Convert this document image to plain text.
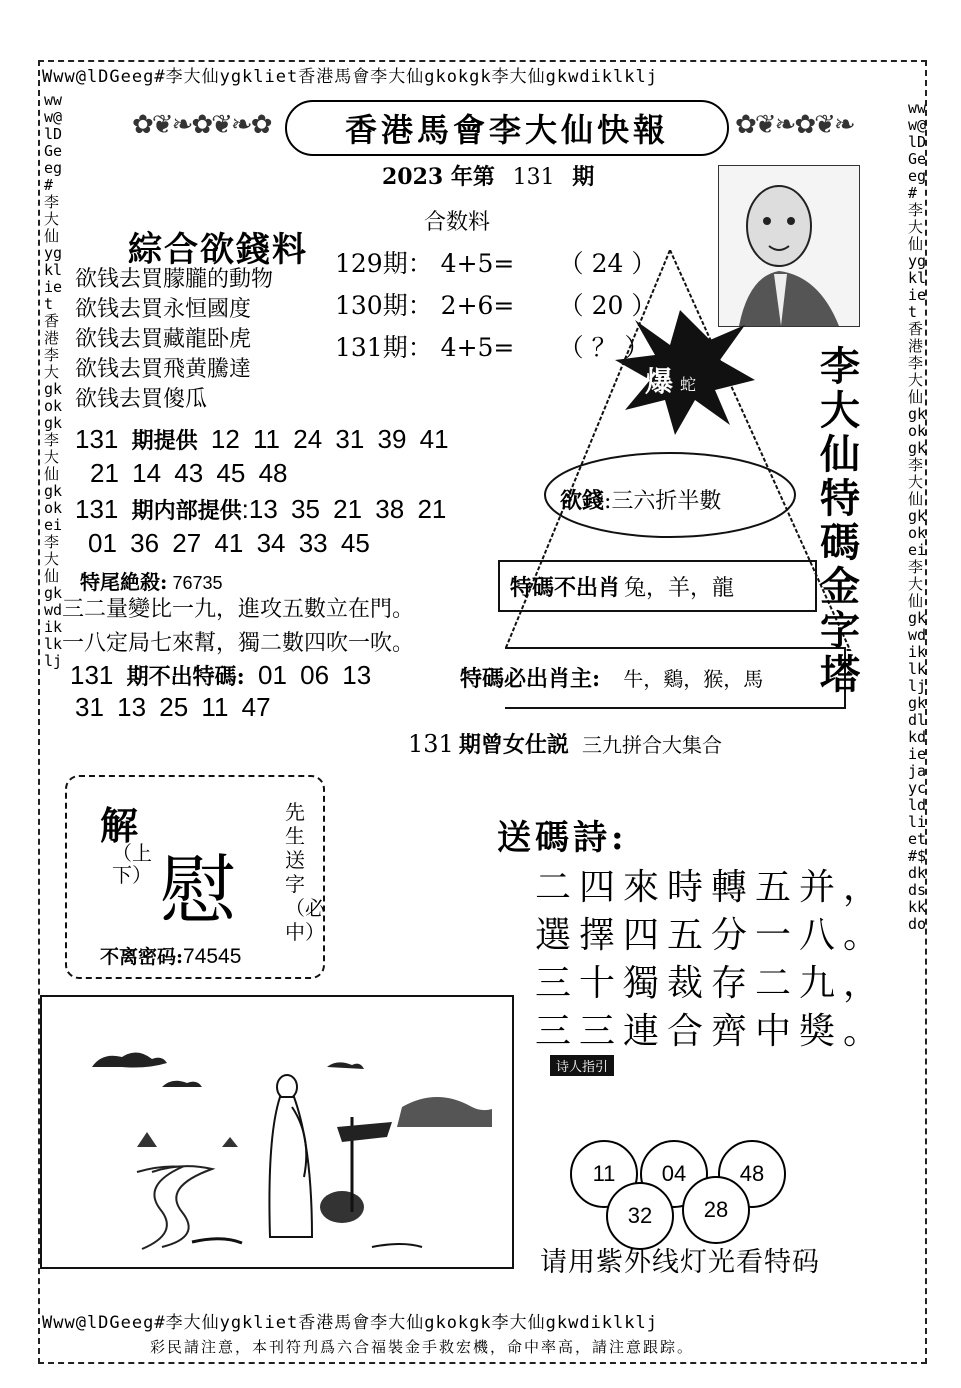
Www@lDGeeg#李大仙ygkliet香港馬會李大仙gkokgk李大仙gkwdiklklj
Www@lDGeeg#李大仙ygkliet香港馬會李大仙gkokgk李大仙gkwdiklklj
www@lD Geeg#李大仙 ygkliet 香港 李大 gkokgk 李大仙 gkokei 李大仙 gkwdiklklj
www@lD Geeg#李大仙 ygkliet 香港李大仙 gkokgk 李大仙 gkokei 李大仙 gkwdiklkljgkdlkdiejaycldliet#$ dkdskkdo
✿❦❧✿❦❧✿	✿❦❧✿❦❧
香港馬會李大仙快報
2023 年第 131 期
合数料
129期： 4+5= （ 24 ）
130期： 2+6= （ 20 ）
131期： 4+5= （ ？ ）
綜合欲錢料
欲钱去買朦朧的動物
欲钱去買永恒國度
欲钱去買藏龍卧虎
欲钱去買飛黄騰達
欲钱去買傻瓜
爆 蛇
欲錢:三六折半數
特碼不出肖 兔，羊，龍
特碼必出肖主: 牛，鷄，猴，馬
李大仙特碼金字塔
131 期提供 12 11 24 31 39 41
21 14 43 45 48
131 期内部提供:13 35 21 38 21
01 36 27 41 34 33 45
特尾絶殺: 76735
三二量變比一九，進攻五數立在門。
一八定局七來幫，獨二數四吹一吹。
131 期不出特碼: 01 06 13
31 13 25 11 47
131 期曾女仕説 三九拼合大集合
解
（上下） 慰
先生送字（必中）
不离密码:74545
送碼詩:
二四來時轉五并，
選擇四五分一八。
三十獨裁存二九，
三三連合齊中獎。
诗人指引
11	04	48
32	28
请用紫外线灯光看特码
彩民請注意，本刊符刋爲六合福裝金手救宏機，命中率高，請注意跟踪。
